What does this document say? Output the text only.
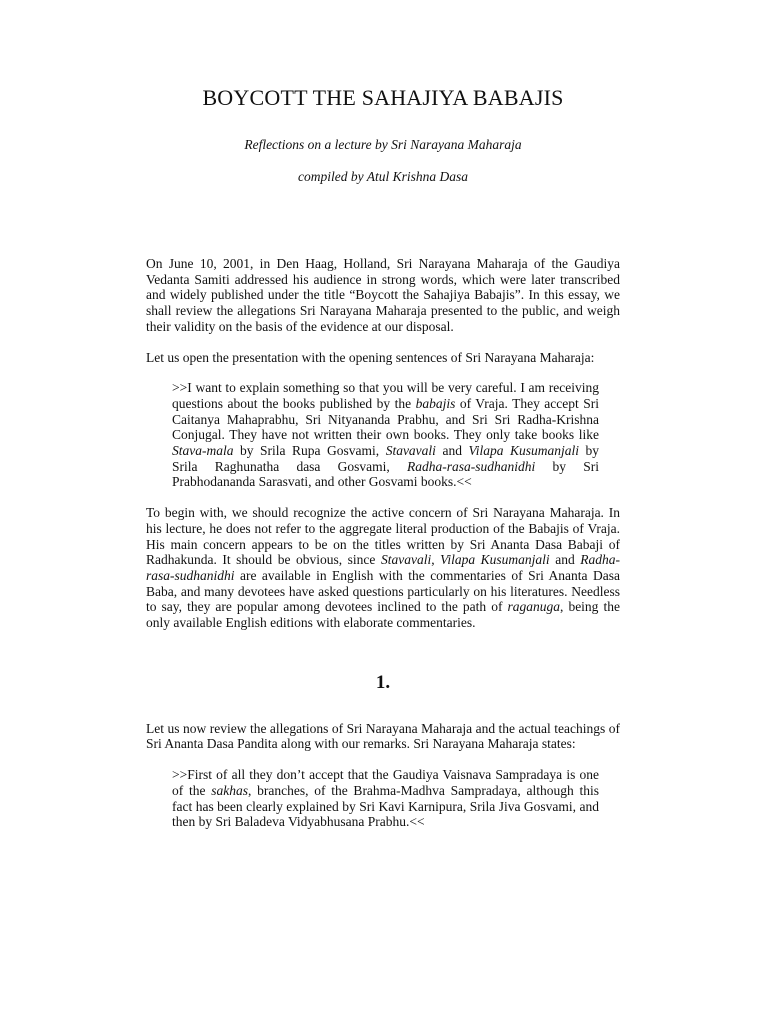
BOYCOTT THE SAHAJIYA BABAJIS

Reflections on a lecture by Sri Narayana Maharaja

compiled by Atul Krishna Dasa

On June 10, 2001, in Den Haag, Holland, Sri Narayana Maharaja of the Gaudiya Vedanta Samiti addressed his audience in strong words, which were later transcribed and widely published under the title “Boycott the Sahajiya Babajis”. In this essay, we shall review the allegations Sri Narayana Maharaja presented to the public, and weigh their validity on the basis of the evidence at our disposal.

Let us open the presentation with the opening sentences of Sri Narayana Maharaja:

>>I want to explain something so that you will be very careful. I am receiving questions about the books published by the babajis of Vraja. They accept Sri Caitanya Mahaprabhu, Sri Nityananda Prabhu, and Sri Sri Radha-Krishna Conjugal. They have not written their own books. They only take books like Stava-mala by Srila Rupa Gosvami, Stavavali and Vilapa Kusumanjali by Srila Raghunatha dasa Gosvami, Radha-rasa-sudhanidhi by Sri Prabhodananda Sarasvati, and other Gosvami books.<<

To begin with, we should recognize the active concern of Sri Narayana Maharaja. In his lecture, he does not refer to the aggregate literal production of the Babajis of Vraja. His main concern appears to be on the titles written by Sri Ananta Dasa Babaji of Radhakunda. It should be obvious, since Stavavali, Vilapa Kusumanjali and Radha-rasa-sudhanidhi are available in English with the commentaries of Sri Ananta Dasa Baba, and many devotees have asked questions particularly on his literatures. Needless to say, they are popular among devotees inclined to the path of raganuga, being the only available English editions with elaborate commentaries.

1.

Let us now review the allegations of Sri Narayana Maharaja and the actual teachings of Sri Ananta Dasa Pandita along with our remarks. Sri Narayana Maharaja states:

>>First of all they don’t accept that the Gaudiya Vaisnava Sampradaya is one of the sakhas, branches, of the Brahma-Madhva Sampradaya, although this fact has been clearly explained by Sri Kavi Karnipura, Srila Jiva Gosvami, and then by Sri Baladeva Vidyabhusana Prabhu.<<
